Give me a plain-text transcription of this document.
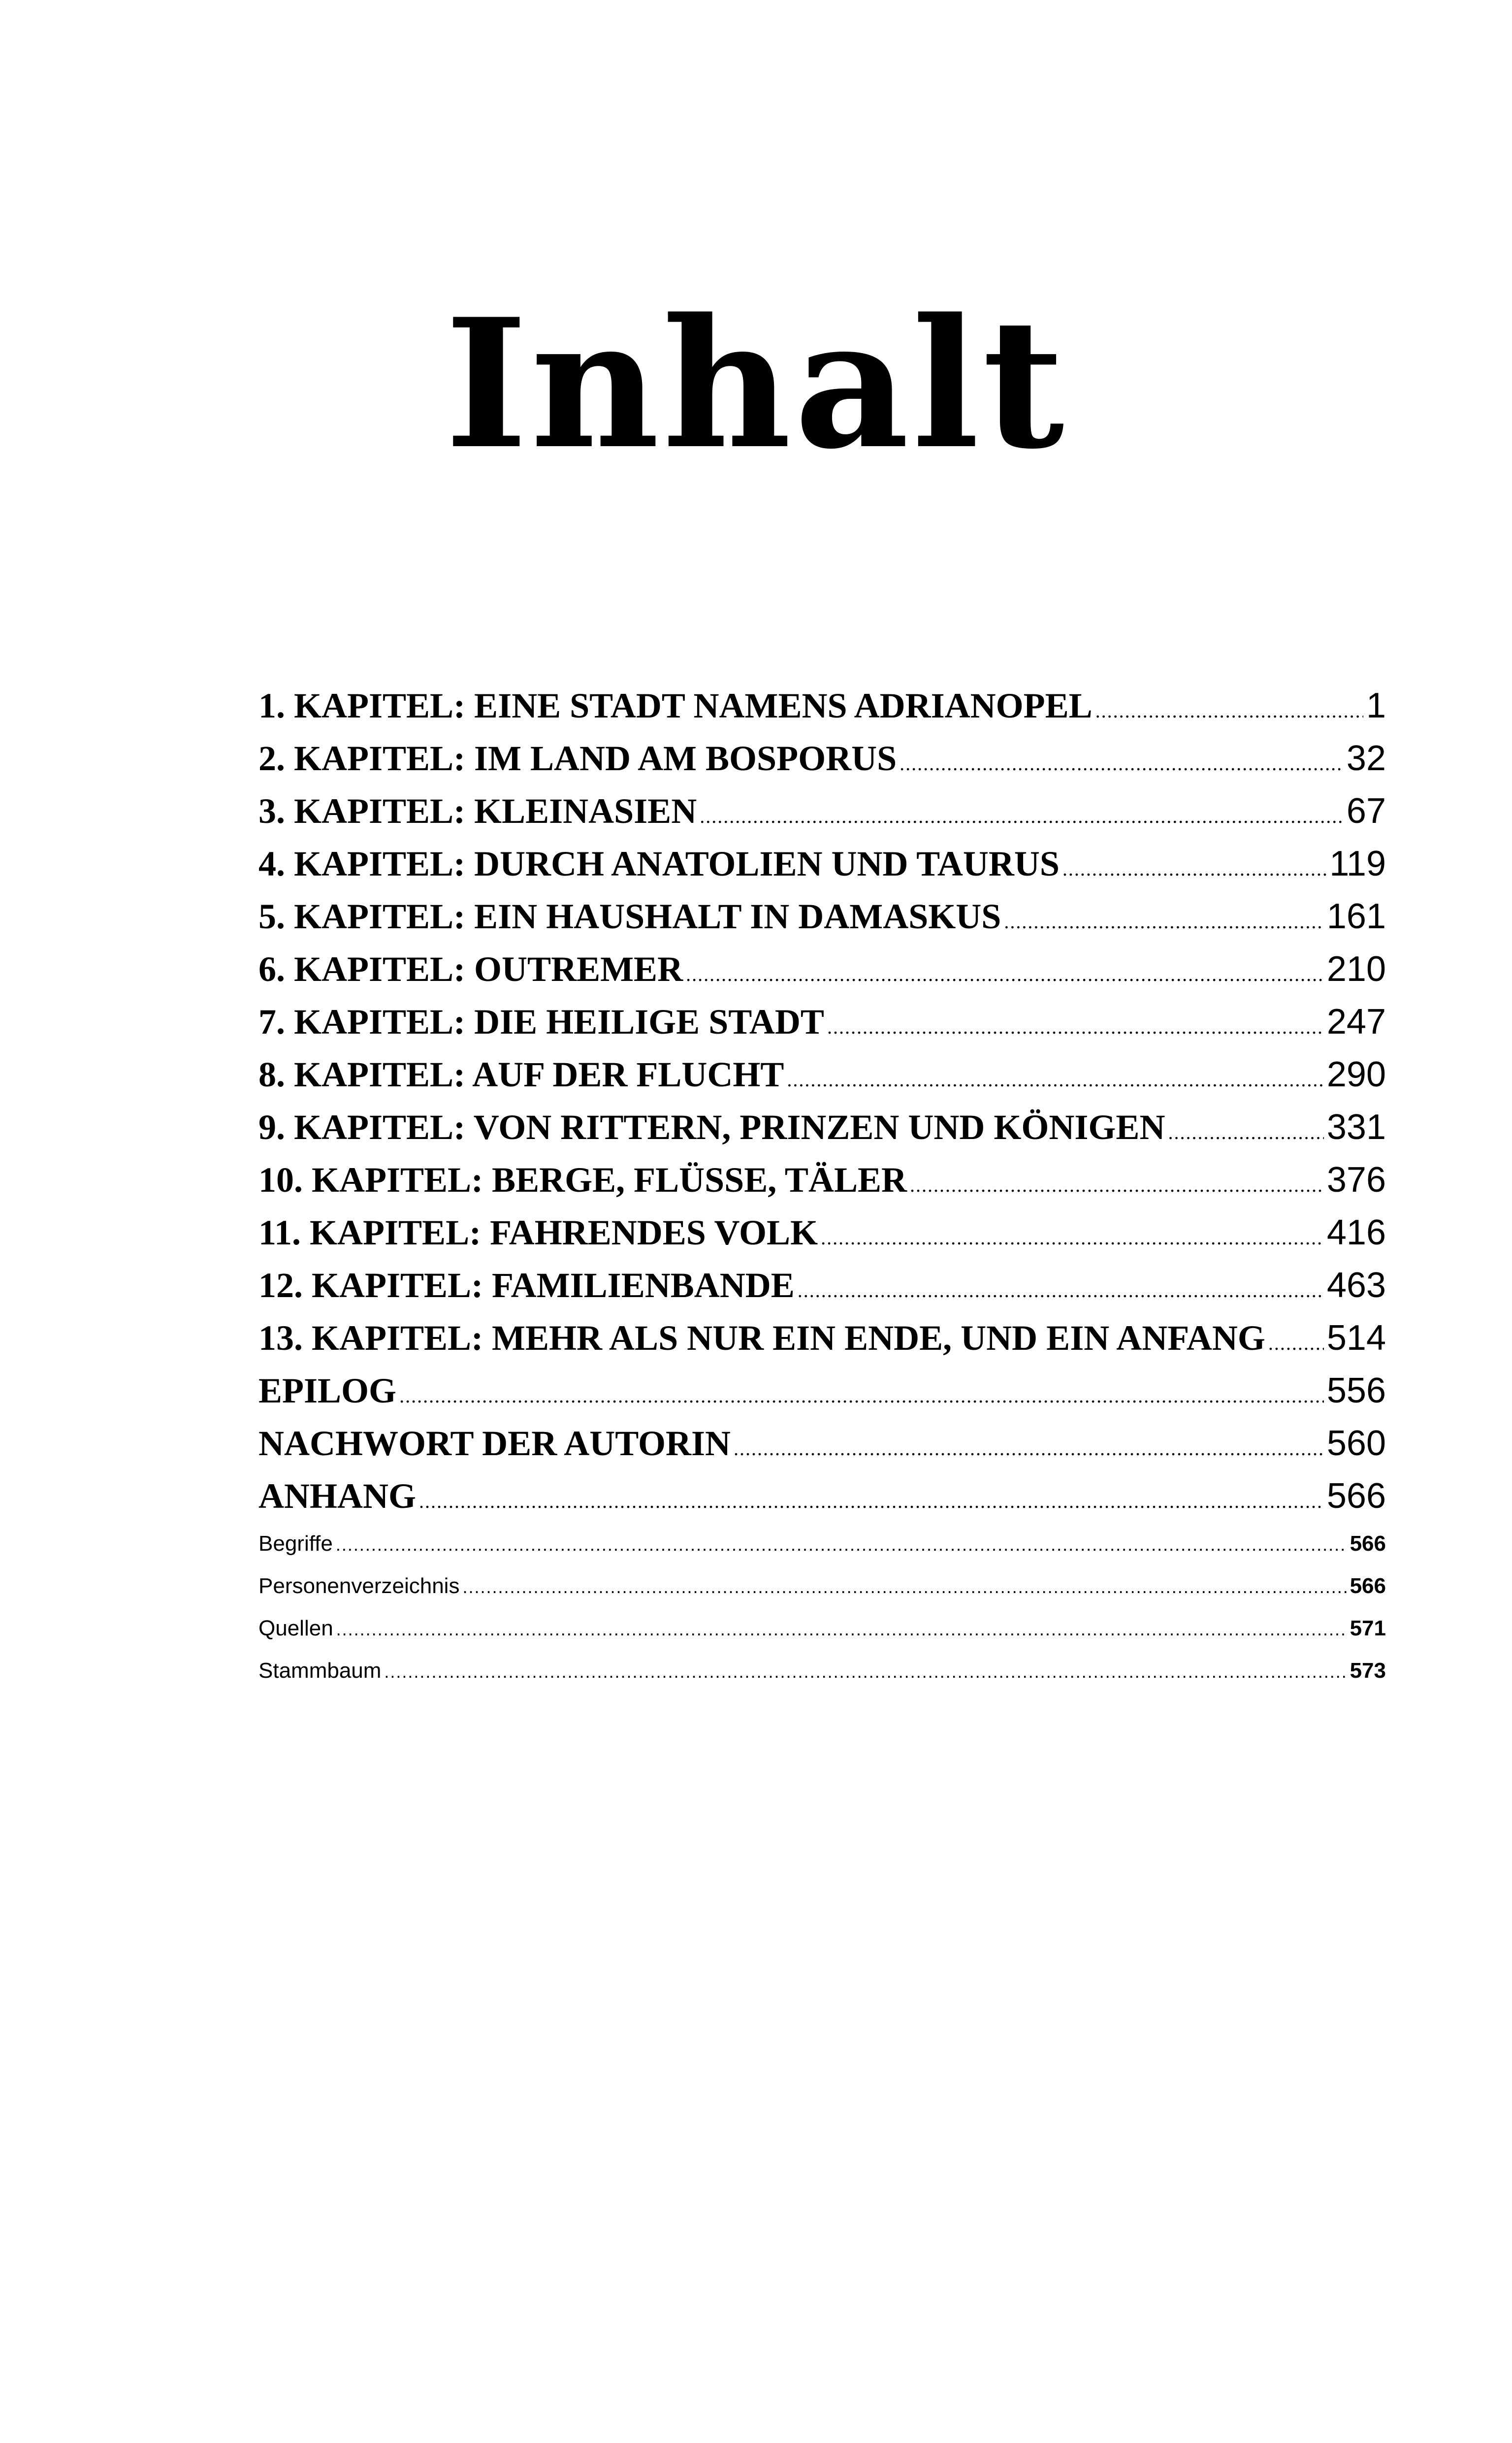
Inhalt
1. KAPITEL: EINE STADT NAMENS ADRIANOPEL .....	1
2. KAPITEL: IM LAND AM BOSPORUS .....	32
3. KAPITEL: KLEINASIEN .....	67
4. KAPITEL: DURCH ANATOLIEN UND TAURUS .....	119
5. KAPITEL: EIN HAUSHALT IN DAMASKUS .....	161
6. KAPITEL: OUTREMER .....	210
7. KAPITEL: DIE HEILIGE STADT .....	247
8. KAPITEL: AUF DER FLUCHT .....	290
9. KAPITEL: VON RITTERN, PRINZEN UND KÖNIGEN .....	331
10. KAPITEL: BERGE, FLÜSSE, TÄLER .....	376
11. KAPITEL: FAHRENDES VOLK .....	416
12. KAPITEL: FAMILIENBANDE .....	463
13. KAPITEL: MEHR ALS NUR EIN ENDE, UND EIN ANFANG ..... 514
EPILOG .....	556
NACHWORT DER AUTORIN .....	560
ANHANG .....	566
Begriffe .....	566
Personenverzeichnis .....	566
Quellen .....	571
Stammbaum .....	573
